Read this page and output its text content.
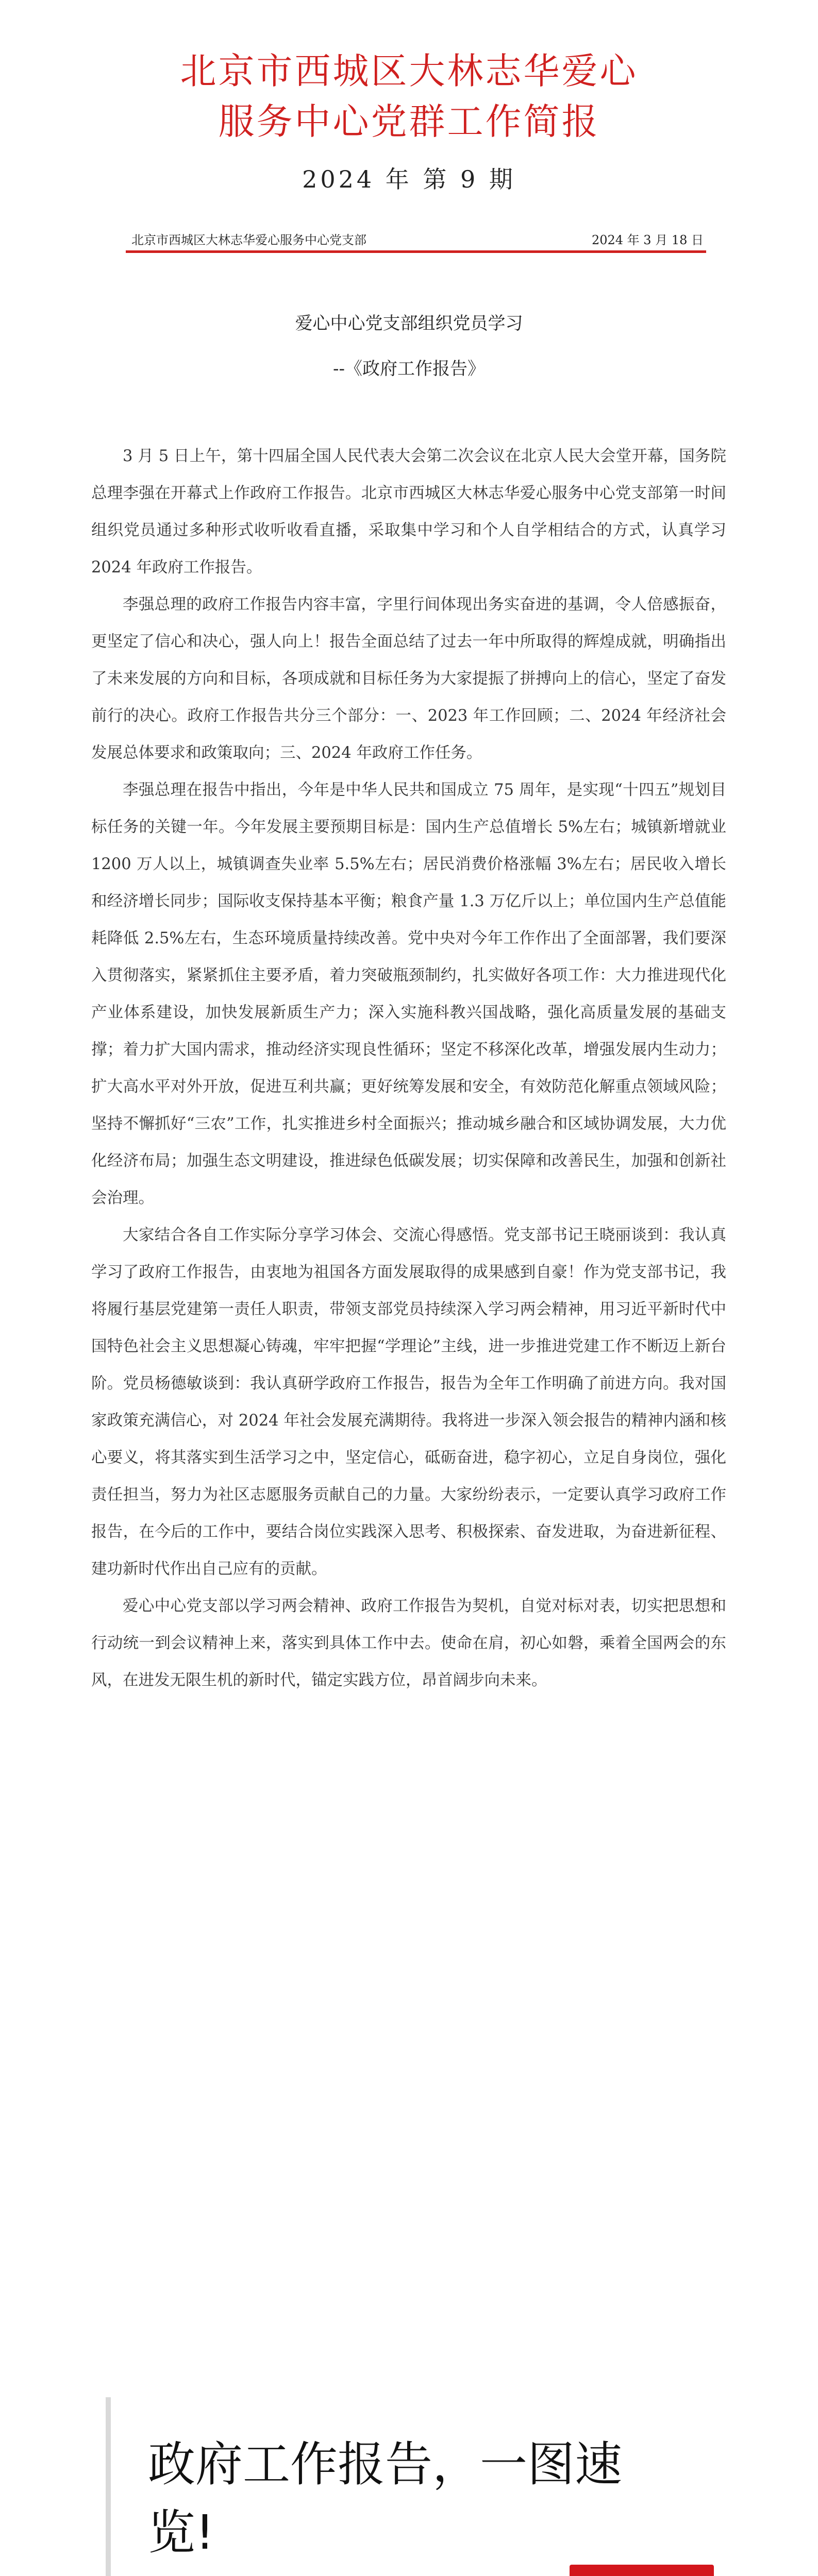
北京市西城区大林志华爱心
服务中心党群工作简报
2024 年 第 9 期
北京市西城区大林志华爱心服务中心党支部	2024 年 3 月 18 日
爱心中心党支部组织党员学习
--《政府工作报告》

3 月 5 日上午，第十四届全国人民代表大会第二次会议在北京人民大会堂开幕，国务院总理李强在开幕式上作政府工作报告。北京市西城区大林志华爱心服务中心党支部第一时间组织党员通过多种形式收听收看直播，采取集中学习和个人自学相结合的方式，认真学习 2024 年政府工作报告。

李强总理的政府工作报告内容丰富，字里行间体现出务实奋进的基调，令人倍感振奋，更坚定了信心和决心，强人向上！报告全面总结了过去一年中所取得的辉煌成就，明确指出了未来发展的方向和目标，各项成就和目标任务为大家提振了拼搏向上的信心，坚定了奋发前行的决心。政府工作报告共分三个部分：一、2023 年工作回顾；二、2024 年经济社会发展总体要求和政策取向；三、2024 年政府工作任务。

李强总理在报告中指出，今年是中华人民共和国成立 75 周年，是实现“十四五”规划目标任务的关键一年。今年发展主要预期目标是：国内生产总值增长 5%左右；城镇新增就业 1200 万人以上，城镇调查失业率 5.5%左右；居民消费价格涨幅 3%左右；居民收入增长和经济增长同步；国际收支保持基本平衡；粮食产量 1.3 万亿斤以上；单位国内生产总值能耗降低 2.5%左右，生态环境质量持续改善。党中央对今年工作作出了全面部署，我们要深入贯彻落实，紧紧抓住主要矛盾，着力突破瓶颈制约，扎实做好各项工作：大力推进现代化产业体系建设，加快发展新质生产力；深入实施科教兴国战略，强化高质量发展的基础支撑；着力扩大国内需求，推动经济实现良性循环；坚定不移深化改革，增强发展内生动力；扩大高水平对外开放，促进互利共赢；更好统筹发展和安全，有效防范化解重点领域风险；坚持不懈抓好“三农”工作，扎实推进乡村全面振兴；推动城乡融合和区域协调发展，大力优化经济布局；加强生态文明建设，推进绿色低碳发展；切实保障和改善民生，加强和创新社会治理。

大家结合各自工作实际分享学习体会、交流心得感悟。党支部书记王晓丽谈到：我认真学习了政府工作报告，由衷地为祖国各方面发展取得的成果感到自豪！作为党支部书记，我将履行基层党建第一责任人职责，带领支部党员持续深入学习两会精神，用习近平新时代中国特色社会主义思想凝心铸魂，牢牢把握“学理论”主线，进一步推进党建工作不断迈上新台阶。党员杨德敏谈到：我认真研学政府工作报告，报告为全年工作明确了前进方向。我对国家政策充满信心，对 2024 年社会发展充满期待。我将进一步深入领会报告的精神内涵和核心要义，将其落实到生活学习之中，坚定信心，砥砺奋进，稳字初心，立足自身岗位，强化责任担当，努力为社区志愿服务贡献自己的力量。大家纷纷表示，一定要认真学习政府工作报告，在今后的工作中，要结合岗位实践深入思考、积极探索、奋发进取，为奋进新征程、建功新时代作出自己应有的贡献。

爱心中心党支部以学习两会精神、政府工作报告为契机，自觉对标对表，切实把思想和行动统一到会议精神上来，落实到具体工作中去。使命在肩，初心如磐，乘着全国两会的东风，在进发无限生机的新时代，锚定实践方位，昂首阔步向未来。

政府工作报告，一图速览!
